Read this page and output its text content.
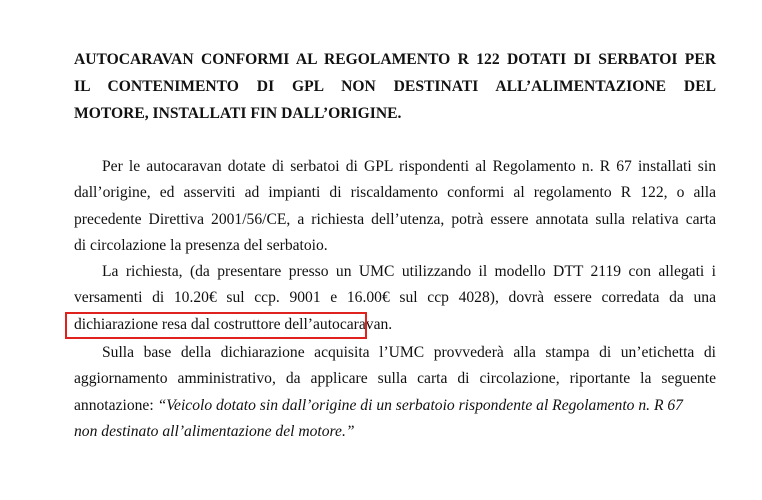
AUTOCARAVAN CONFORMI AL REGOLAMENTO R 122 DOTATI DI SERBATOI PER
IL CONTENIMENTO DI GPL NON DESTINATI ALL’ALIMENTAZIONE DEL
MOTORE, INSTALLATI FIN DALL’ORIGINE.
Per le autocaravan dotate di serbatoi di GPL rispondenti al Regolamento n. R 67 installati sin
dall’origine, ed asserviti ad impianti di riscaldamento conformi al regolamento R 122, o alla
precedente Direttiva 2001/56/CE, a richiesta dell’utenza, potrà essere annotata sulla relativa carta
di circolazione la presenza del serbatoio.
La richiesta, (da presentare presso un UMC utilizzando il modello DTT 2119 con allegati i
versamenti di 10.20€ sul ccp. 9001 e 16.00€ sul ccp 4028), dovrà essere corredata da una
dichiarazione resa dal costruttore dell’autocaravan.
Sulla base della dichiarazione acquisita l’UMC provvederà alla stampa di un’etichetta di
aggiornamento amministrativo, da applicare sulla carta di circolazione, riportante la seguente
annotazione: “Veicolo dotato sin dall’origine di un serbatoio rispondente al Regolamento n. R 67
non destinato all’alimentazione del motore.”
